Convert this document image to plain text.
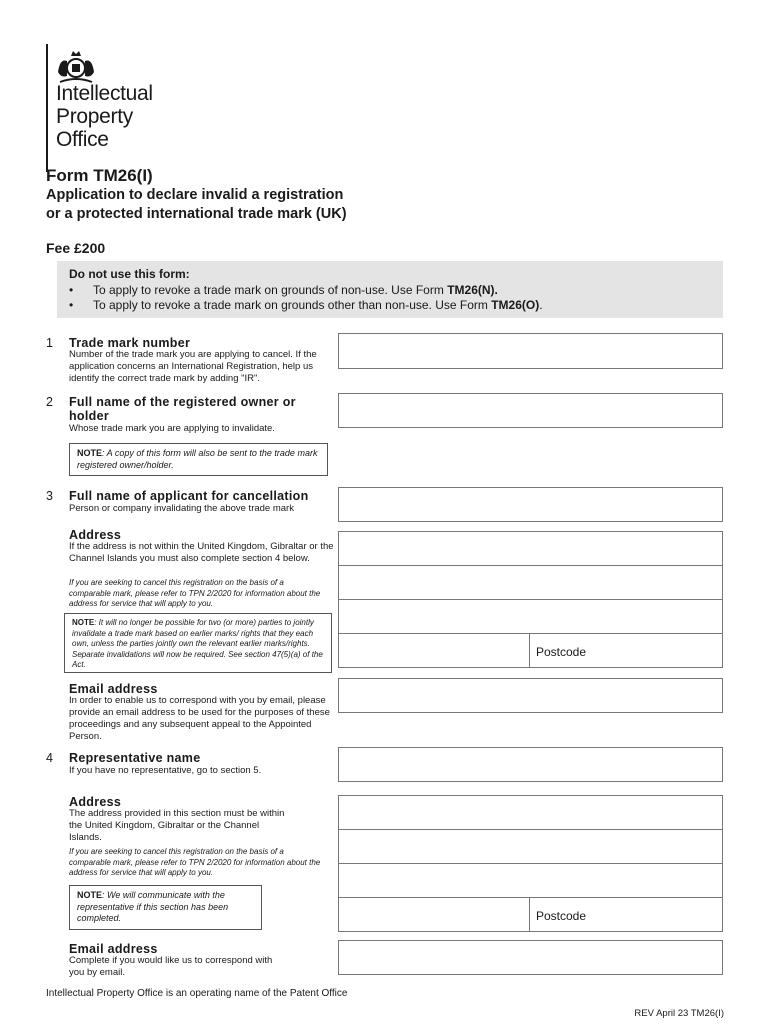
Intellectual
Property
Office
Form TM26(I)
Application to declare invalid a registration
or a protected international trade mark (UK)
Fee £200
Do not use this form:
•	To apply to revoke a trade mark on grounds of non-use. Use Form TM26(N).
•	To apply to revoke a trade mark on grounds other than non-use. Use Form TM26(O).
1 Trade mark number
Number of the trade mark you are applying to cancel. If the application concerns an International Registration, help us identify the correct trade mark by adding "IR".
2 Full name of the registered owner or holder
Whose trade mark you are applying to invalidate.
NOTE: A copy of this form will also be sent to the trade mark registered owner/holder.
3 Full name of applicant for cancellation
Person or company invalidating the above trade mark
Address
If the address is not within the United Kingdom, Gibraltar or the Channel Islands you must also complete section 4 below.
If you are seeking to cancel this registration on the basis of a comparable mark, please refer to TPN 2/2020 for information about the address for service that will apply to you.
NOTE: It will no longer be possible for two (or more) parties to jointly invalidate a trade mark based on earlier marks/ rights that they each own, unless the parties jointly own the relevant earlier marks/rights. Separate invalidations will now be required. See section 47(5)(a) of the Act.
Postcode
Email address
In order to enable us to correspond with you by email, please provide an email address to be used for the purposes of these proceedings and any subsequent appeal to the Appointed Person.
4 Representative name
If you have no representative, go to section 5.
Address
The address provided in this section must be within the United Kingdom, Gibraltar or the Channel Islands.
If you are seeking to cancel this registration on the basis of a comparable mark, please refer to TPN 2/2020 for information about the address for service that will apply to you.
NOTE: We will communicate with the representative if this section has been completed.	Postcode
Email address
Complete if you would like us to correspond with you by email.
Intellectual Property Office is an operating name of the Patent Office
REV April 23 TM26(I)
